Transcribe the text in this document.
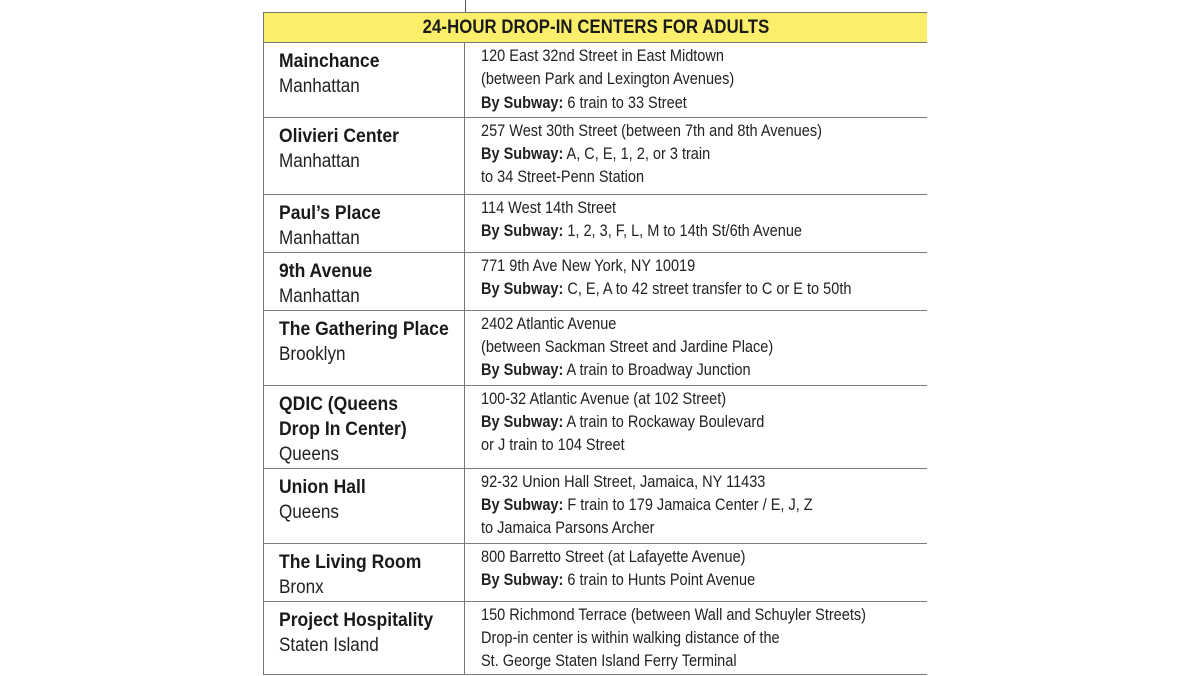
24-HOUR DROP-IN CENTERS FOR ADULTS
Mainchance
Manhattan	120 East 32nd Street in East Midtown
(between Park and Lexington Avenues)
By Subway: 6 train to 33 Street

Olivieri Center
Manhattan	257 West 30th Street (between 7th and 8th Avenues)
By Subway: A, C, E, 1, 2, or 3 train
to 34 Street-Penn Station

Paul’s Place
Manhattan	114 West 14th Street
By Subway: 1, 2, 3, F, L, M to 14th St/6th Avenue

9th Avenue
Manhattan	771 9th Ave New York, NY 10019
By Subway: C, E, A to 42 street transfer to C or E to 50th

The Gathering Place
Brooklyn	2402 Atlantic Avenue
(between Sackman Street and Jardine Place)
By Subway: A train to Broadway Junction

QDIC (Queens
Drop In Center)
Queens	100-32 Atlantic Avenue (at 102 Street)
By Subway: A train to Rockaway Boulevard
or J train to 104 Street

Union Hall
Queens	92-32 Union Hall Street, Jamaica, NY 11433
By Subway: F train to 179 Jamaica Center / E, J, Z
to Jamaica Parsons Archer

The Living Room
Bronx	800 Barretto Street (at Lafayette Avenue)
By Subway: 6 train to Hunts Point Avenue

Project Hospitality
Staten Island	150 Richmond Terrace (between Wall and Schuyler Streets)
Drop-in center is within walking distance of the
St. George Staten Island Ferry Terminal
